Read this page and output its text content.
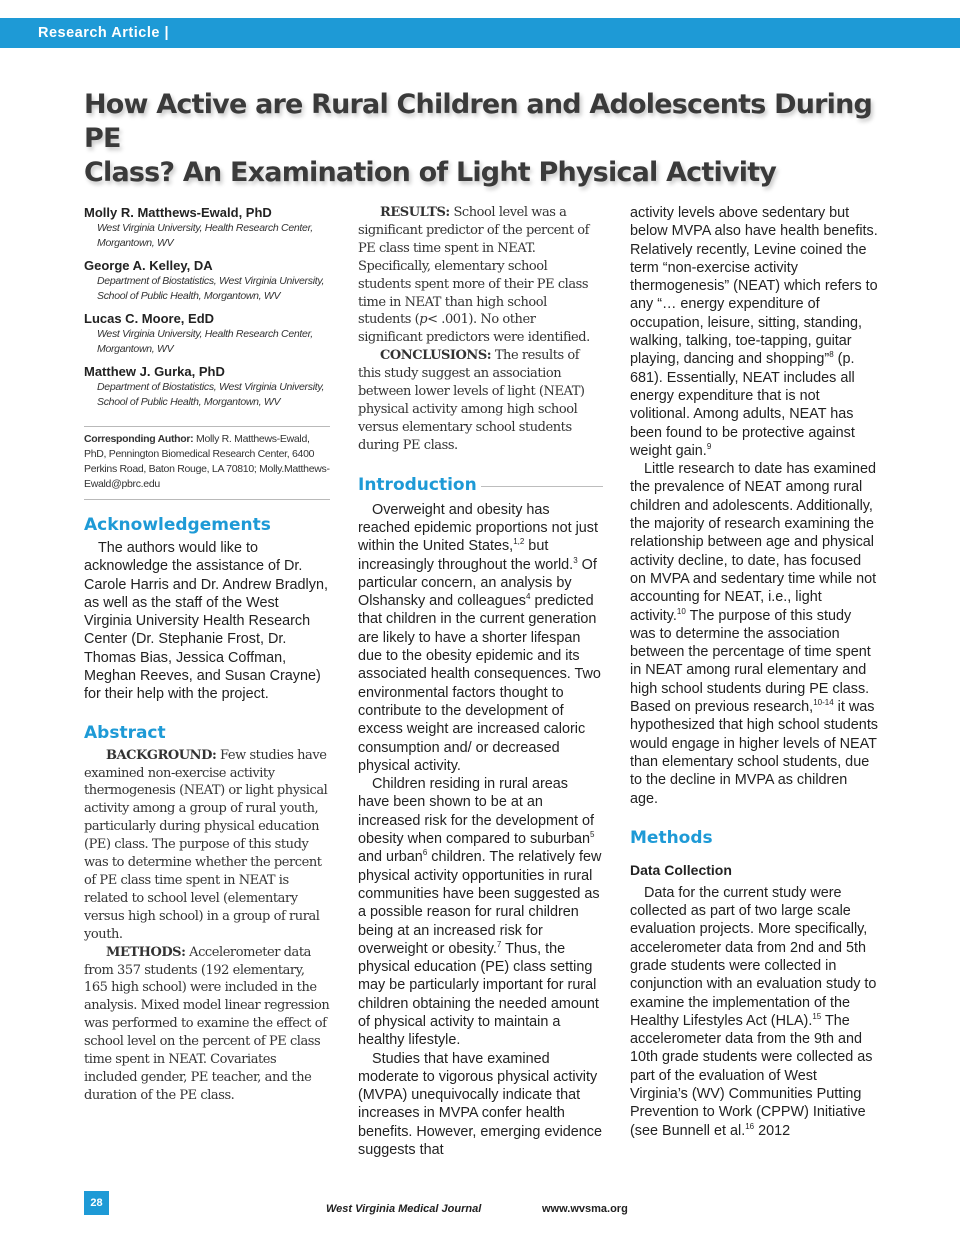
Research Article |
How Active are Rural Children and Adolescents During PE
Class? An Examination of Light Physical Activity
Molly R. Matthews-Ewald, PhD
West Virginia University, Health Research Center,
Morgantown, WV
George A. Kelley, DA
Department of Biostatistics, West Virginia University,
School of Public Health, Morgantown, WV
Lucas C. Moore, EdD
West Virginia University, Health Research Center,
Morgantown, WV
Matthew J. Gurka, PhD
Department of Biostatistics, West Virginia University,
School of Public Health, Morgantown, WV
Corresponding Author: Molly R. Matthews-Ewald, PhD, Pennington Biomedical Research Center, 6400 Perkins Road, Baton Rouge, LA 70810; Molly.Matthews-Ewald@pbrc.edu
Acknowledgements

The authors would like to acknowledge the assistance of Dr. Carole Harris and Dr. Andrew Bradlyn, as well as the staff of the West Virginia University Health Research Center (Dr. Stephanie Frost, Dr. Thomas Bias, Jessica Coffman, Meghan Reeves, and Susan Crayne) for their help with the project.

Abstract

BACKGROUND: Few studies have examined non-exercise activity thermogenesis (NEAT) or light physical activity among a group of rural youth, particularly during physical education (PE) class. The purpose of this study was to determine whether the percent of PE class time spent in NEAT is related to school level (elementary versus high school) in a group of rural youth.

METHODS: Accelerometer data from 357 students (192 elementary, 165 high school) were included in the analysis. Mixed model linear regression was performed to examine the effect of school level on the percent of PE class time spent in NEAT. Covariates included gender, PE teacher, and the duration of the PE class.

RESULTS: School level was a significant predictor of the percent of PE class time spent in NEAT. Specifically, elementary school students spent more of their PE class time in NEAT than high school students (p< .001). No other significant predictors were identified.

CONCLUSIONS: The results of this study suggest an association between lower levels of light (NEAT) physical activity among high school versus elementary school students during PE class.

Introduction

Overweight and obesity has reached epidemic proportions not just within the United States,$^{1,2}$ but increasingly throughout the world.$^3$ Of particular concern, an analysis by Olshansky and colleagues$^4$ predicted that children in the current generation are likely to have a shorter lifespan due to the obesity epidemic and its associated health consequences. Two environmental factors thought to contribute to the development of excess weight are increased caloric consumption and/ or decreased physical activity.

Children residing in rural areas have been shown to be at an increased risk for the development of obesity when compared to suburban$^5$ and urban$^6$ children. The relatively few physical activity opportunities in rural communities have been suggested as a possible reason for rural children being at an increased risk for overweight or obesity.$^7$ Thus, the physical education (PE) class setting may be particularly important for rural children obtaining the needed amount of physical activity to maintain a healthy lifestyle.

Studies that have examined moderate to vigorous physical activity (MVPA) unequivocally indicate that increases in MVPA confer health benefits. However, emerging evidence suggests that

activity levels above sedentary but below MVPA also have health benefits. Relatively recently, Levine coined the term “non-exercise activity thermogenesis” (NEAT) which refers to any “… energy expenditure of occupation, leisure, sitting, standing, walking, talking, toe-tapping, guitar playing, dancing and shopping”$^8$ (p. 681). Essentially, NEAT includes all energy expenditure that is not volitional. Among adults, NEAT has been found to be protective against weight gain.$^9$

Little research to date has examined the prevalence of NEAT among rural children and adolescents. Additionally, the majority of research examining the relationship between age and physical activity decline, to date, has focused on MVPA and sedentary time while not accounting for NEAT, i.e., light activity.$^{10}$ The purpose of this study was to determine the association between the percentage of time spent in NEAT among rural elementary and high school students during PE class. Based on previous research,$^{10-14}$ it was hypothesized that high school students would engage in higher levels of NEAT than elementary school students, due to the decline in MVPA as children age.

Methods
Data Collection

Data for the current study were collected as part of two large scale evaluation projects. More specifically, accelerometer data from 2nd and 5th grade students were collected in conjunction with an evaluation study to examine the implementation of the Healthy Lifestyles Act (HLA).$^{15}$ The accelerometer data from the 9th and 10th grade students were collected as part of the evaluation of West Virginia’s (WV) Communities Putting Prevention to Work (CPPW) Initiative (see Bunnell et al.$^{16}$ 2012

28	West Virginia Medical Journal	www.wvsma.org
